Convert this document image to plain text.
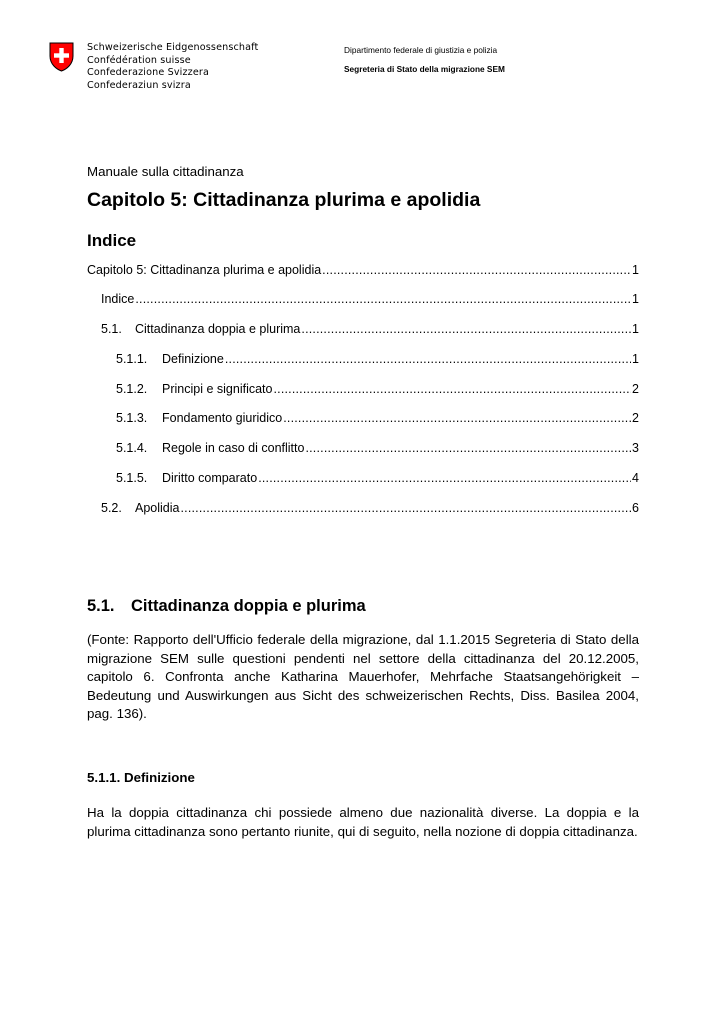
Schweizerische Eidgenossenschaft
Confédération suisse
Confederazione Svizzera
Confederaziun svizra
Dipartimento federale di giustizia e polizia
Segreteria di Stato della migrazione SEM
Manuale sulla cittadinanza
Capitolo 5: Cittadinanza plurima e apolidia
Indice
Capitolo 5: Cittadinanza plurima e apolidia .....	1
Indice .....	1
5.1.	Cittadinanza doppia e plurima .....	1
5.1.1.	Definizione .....	1
5.1.2.	Principi e significato .....	2
5.1.3.	Fondamento giuridico .....	2
5.1.4.	Regole in caso di conflitto .....	3
5.1.5.	Diritto comparato .....	4
5.2.	Apolidia .....	6
5.1. Cittadinanza doppia e plurima
(Fonte: Rapporto dell'Ufficio federale della migrazione, dal 1.1.2015 Segreteria di Stato della migrazione SEM sulle questioni pendenti nel settore della cittadinanza del 20.12.2005, capitolo 6. Confronta anche Katharina Mauerhofer, Mehrfache Staatsangehörigkeit – Bedeutung und Auswirkungen aus Sicht des schweizerischen Rechts, Diss. Basilea 2004, pag. 136).
5.1.1. Definizione
Ha la doppia cittadinanza chi possiede almeno due nazionalità diverse. La doppia e la plurima cittadinanza sono pertanto riunite, qui di seguito, nella nozione di doppia cittadinanza.
